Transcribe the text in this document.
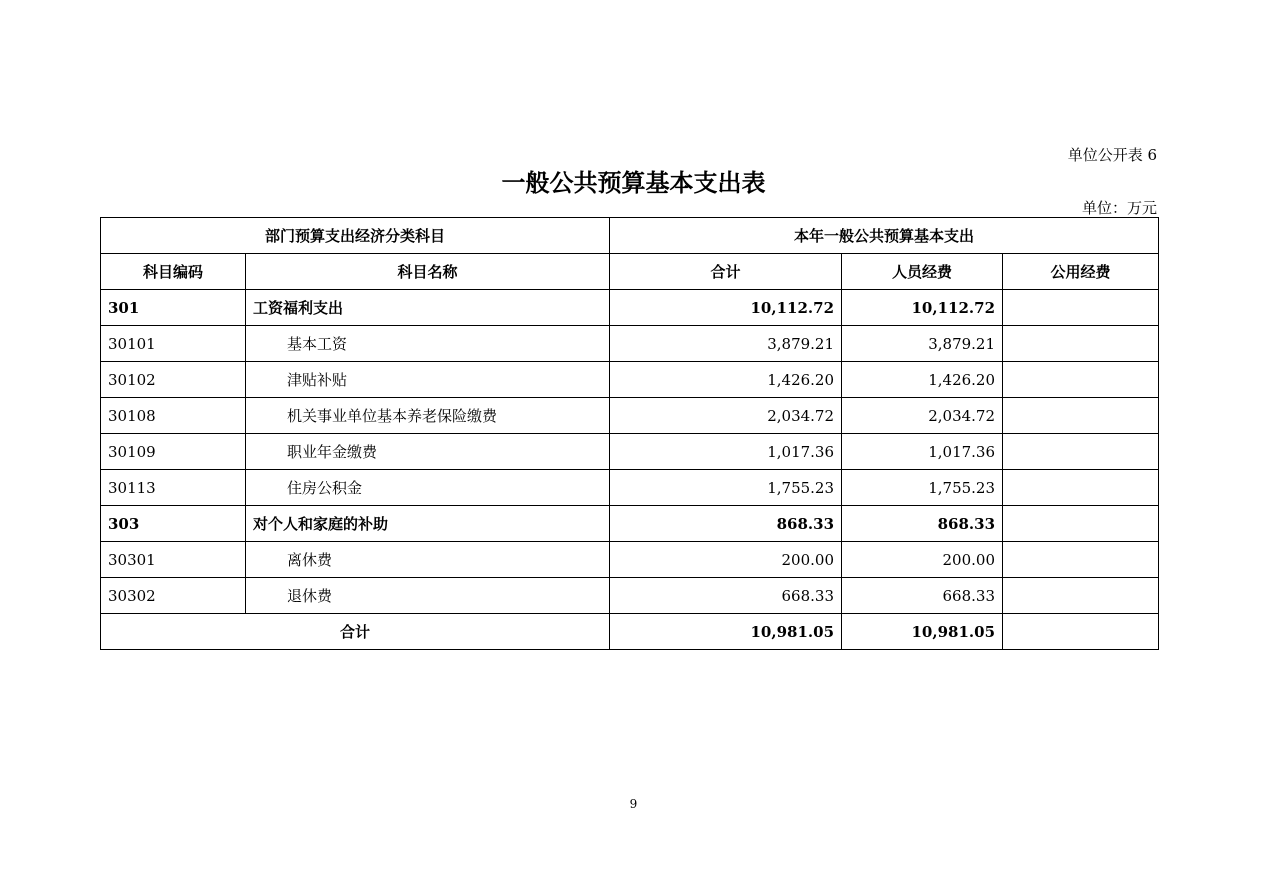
单位公开表 6
一般公共预算基本支出表
单位：万元
部门预算支出经济分类科目		本年一般公共预算基本支出		
科目编码	科目名称	合计	人员经费	公用经费
301	工资福利支出	10,112.72	10,112.72	
30101	基本工资	3,879.21	3,879.21	
30102	津贴补贴	1,426.20	1,426.20	
30108	机关事业单位基本养老保险缴费	2,034.72	2,034.72	
30109	职业年金缴费	1,017.36	1,017.36	
30113	住房公积金	1,755.23	1,755.23	
303	对个人和家庭的补助	868.33	868.33	
30301	离休费	200.00	200.00	
30302	退休费	668.33	668.33	
合计		10,981.05	10,981.05	
9
